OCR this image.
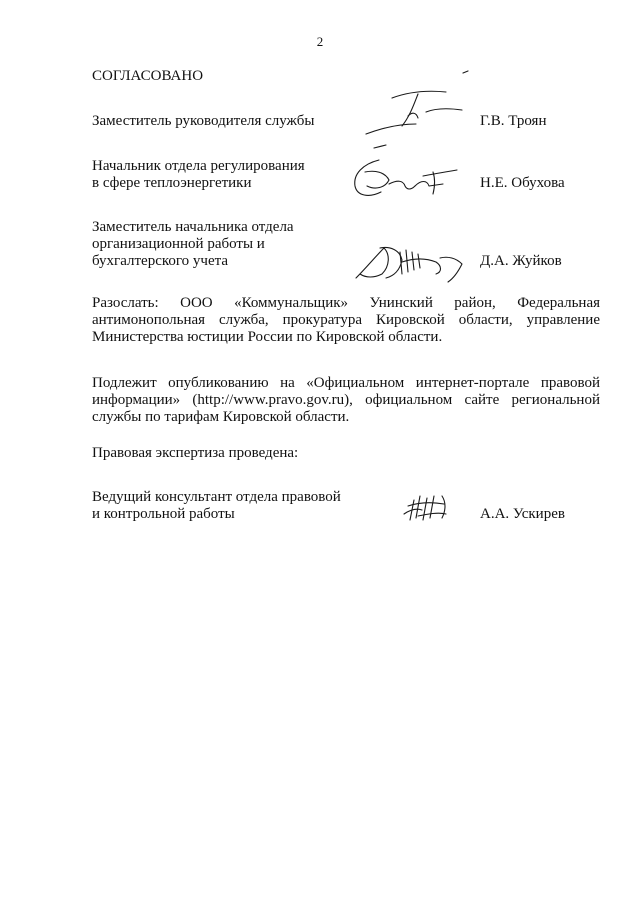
2
СОГЛАСОВАНО
Заместитель руководителя службы	Г.В. Троян
Начальник отдела регулирования
в сфере теплоэнергетики	Н.Е. Обухова
Заместитель начальника отдела
организационной работы и
бухгалтерского учета	Д.А. Жуйков
Разослать: ООО «Коммунальщик» Унинский район, Федеральная антимонопольная служба, прокуратура Кировской области, управление Министерства юстиции России по Кировской области.
Подлежит опубликованию на «Официальном интернет-портале правовой информации» (http://www.pravo.gov.ru), официальном сайте региональной службы по тарифам Кировской области.
Правовая экспертиза проведена:
Ведущий консультант отдела правовой
и контрольной работы	А.А. Ускирев
